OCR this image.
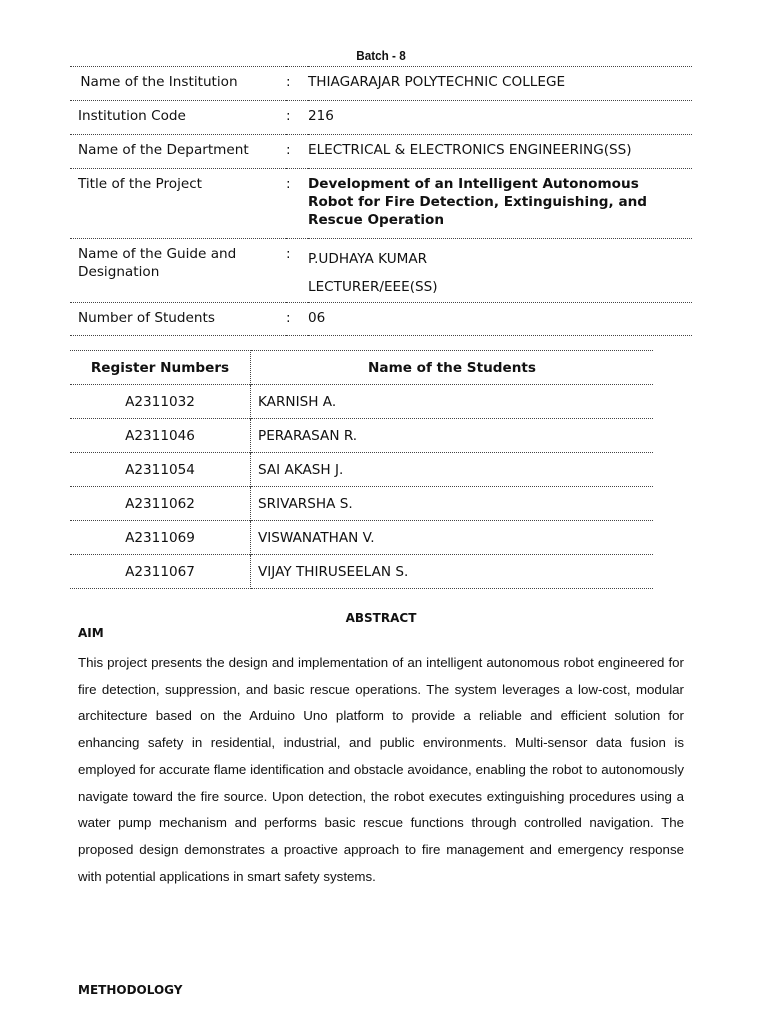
Batch - 8
Name of the Institution	:	THIAGARAJAR POLYTECHNIC COLLEGE
Institution Code	:	216
Name of the Department	:	ELECTRICAL & ELECTRONICS ENGINEERING(SS)
Title of the Project	:	Development of an Intelligent Autonomous Robot for Fire Detection, Extinguishing, and Rescue Operation
Name of the Guide and Designation	:	P.UDHAYA KUMAR
LECTURER/EEE(SS)

Number of Students	:	06
Register Numbers	Name of the Students
A2311032	KARNISH A.
A2311046	PERARASAN R.
A2311054	SAI AKASH J.
A2311062	SRIVARSHA S.
A2311069	VISWANATHAN V.
A2311067	VIJAY THIRUSEELAN S.
ABSTRACT
AIM
This project presents the design and implementation of an intelligent autonomous robot engineered for fire detection, suppression, and basic rescue operations. The system leverages a low-cost, modular architecture based on the Arduino Uno platform to provide a reliable and efficient solution for enhancing safety in residential, industrial, and public environments. Multi-sensor data fusion is employed for accurate flame identification and obstacle avoidance, enabling the robot to autonomously navigate toward the fire source. Upon detection, the robot executes extinguishing procedures using a water pump mechanism and performs basic rescue functions through controlled navigation. The proposed design demonstrates a proactive approach to fire management and emergency response with potential applications in smart safety systems.
METHODOLOGY
